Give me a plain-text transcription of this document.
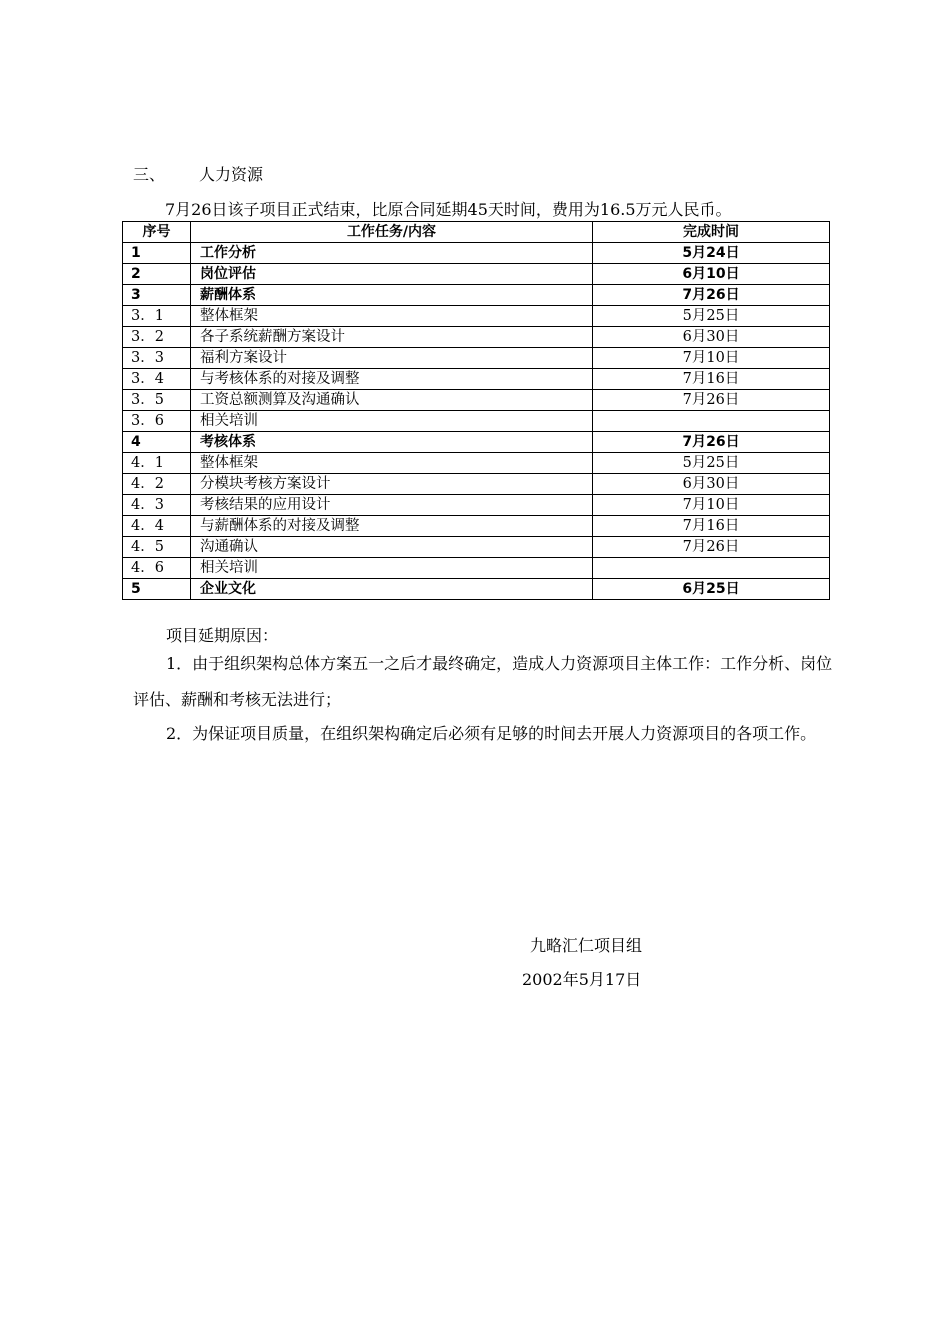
三、 人力资源
7月26日该子项目正式结束，比原合同延期45天时间，费用为16.5万元人民币。
序号	工作任务/内容	完成时间
1	工作分析	5月24日
2	岗位评估	6月10日
3	薪酬体系	7月26日
3．1	整体框架	5月25日
3．2	各子系统薪酬方案设计	6月30日
3．3	福利方案设计	7月10日
3．4	与考核体系的对接及调整	7月16日
3．5	工资总额测算及沟通确认	7月26日
3．6	相关培训	
4	考核体系	7月26日
4．1	整体框架	5月25日
4．2	分模块考核方案设计	6月30日
4．3	考核结果的应用设计	7月10日
4．4	与薪酬体系的对接及调整	7月16日
4．5	沟通确认	7月26日
4．6	相关培训	
5	企业文化	6月25日
项目延期原因：
1．由于组织架构总体方案五一之后才最终确定，造成人力资源项目主体工作：工作分析、岗位评估、薪酬和考核无法进行；
2．为保证项目质量，在组织架构确定后必须有足够的时间去开展人力资源项目的各项工作。
九略汇仁项目组
2002年5月17日
